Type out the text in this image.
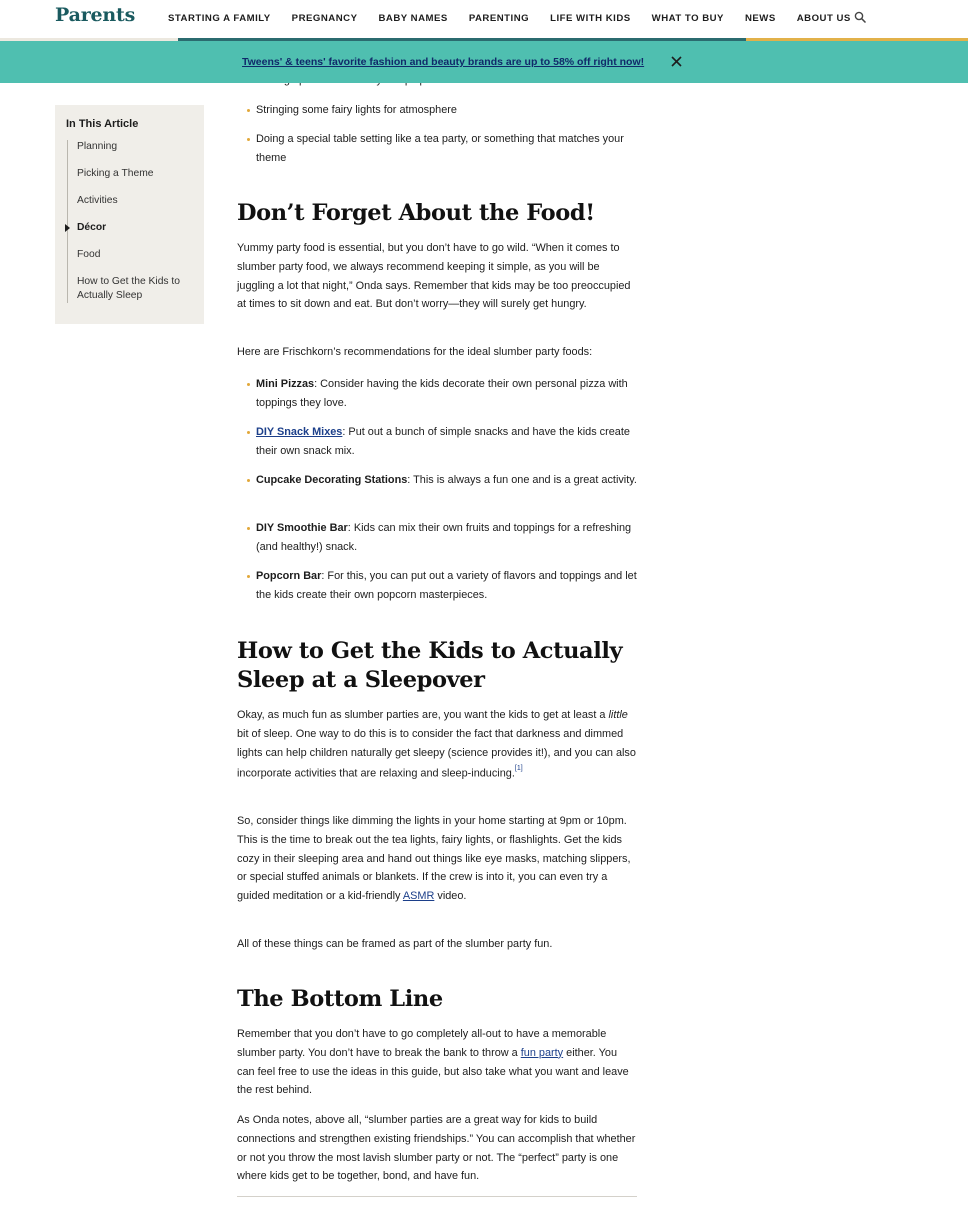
Parents	STARTING A FAMILY PREGNANCY BABY NAMES PARENTING LIFE WITH KIDS WHAT TO BUY NEWS ABOUT US
Tweens' & teens' favorite fashion and beauty brands are up to 58% off right now!
In This Article
Planning
Picking a Theme
Activities
Décor
Food
How to Get the Kids to Actually Sleep
Stringing some fairy lights for atmosphere
Doing a special table setting like a tea party, or something that matches your theme
Don’t Forget About the Food!

Yummy party food is essential, but you don’t have to go wild. “When it comes to slumber party food, we always recommend keeping it simple, as you will be juggling a lot that night,” Onda says. Remember that kids may be too preoccupied at times to sit down and eat. But don’t worry—they will surely get hungry.

Here are Frischkorn’s recommendations for the ideal slumber party foods:

Mini Pizzas: Consider having the kids decorate their own personal pizza with toppings they love.
DIY Snack Mixes: Put out a bunch of simple snacks and have the kids create their own snack mix.
Cupcake Decorating Stations: This is always a fun one and is a great activity.
DIY Smoothie Bar: Kids can mix their own fruits and toppings for a refreshing (and healthy!) snack.
Popcorn Bar: For this, you can put out a variety of flavors and toppings and let the kids create their own popcorn masterpieces.
How to Get the Kids to Actually Sleep at a Sleepover

Okay, as much fun as slumber parties are, you want the kids to get at least a little bit of sleep. One way to do this is to consider the fact that darkness and dimmed lights can help children naturally get sleepy (science provides it!), and you can also incorporate activities that are relaxing and sleep-inducing.[1]

So, consider things like dimming the lights in your home starting at 9pm or 10pm. This is the time to break out the tea lights, fairy lights, or flashlights. Get the kids cozy in their sleeping area and hand out things like eye masks, matching slippers, or special stuffed animals or blankets. If the crew is into it, you can even try a guided meditation or a kid-friendly ASMR video.

All of these things can be framed as part of the slumber party fun.

The Bottom Line

Remember that you don’t have to go completely all-out to have a memorable slumber party. You don’t have to break the bank to throw a fun party either. You can feel free to use the ideas in this guide, but also take what you want and leave the rest behind.

As Onda notes, above all, “slumber parties are a great way for kids to build connections and strengthen existing friendships.” You can accomplish that whether or not you throw the most lavish slumber party or not. The “perfect” party is one where kids get to be together, bond, and have fun.
